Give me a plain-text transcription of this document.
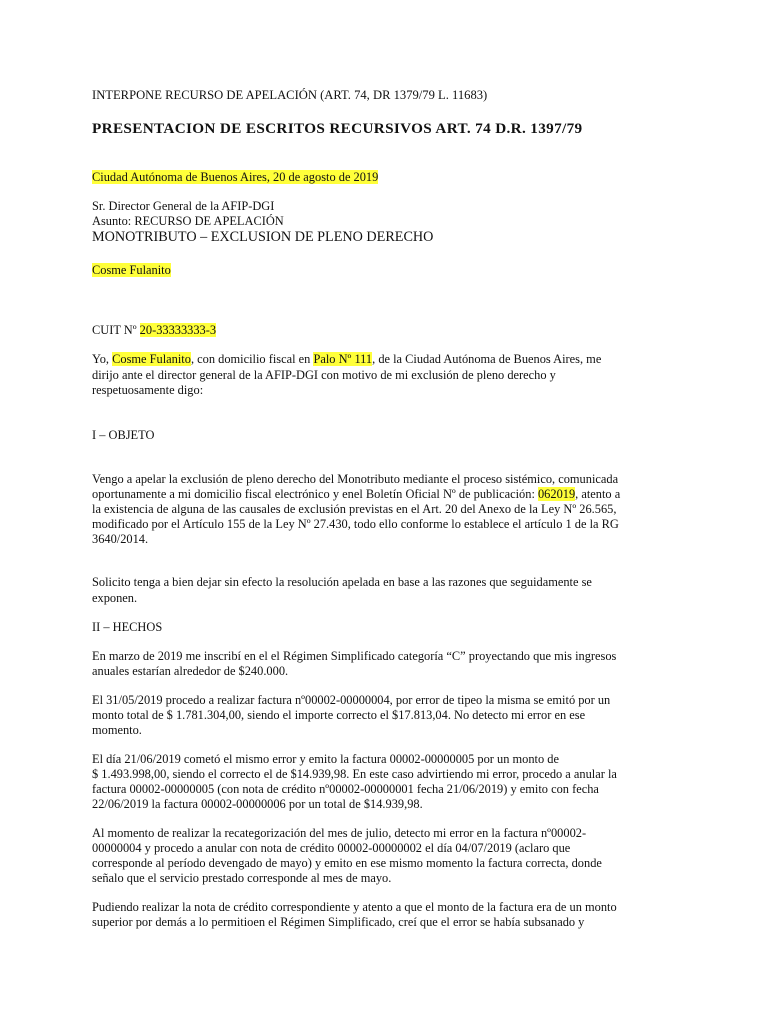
INTERPONE RECURSO DE APELACIÓN (ART. 74, DR 1379/79 L. 11683)

PRESENTACION DE ESCRITOS RECURSIVOS ART. 74 D.R. 1397/79

Ciudad Autónoma de Buenos Aires, 20 de agosto de 2019

Sr. Director General de la AFIP-DGI

Asunto: RECURSO DE APELACIÓN

MONOTRIBUTO – EXCLUSION DE PLENO DERECHO

Cosme Fulanito

CUIT Nº 20-33333333-3

Yo, Cosme Fulanito, con domicilio fiscal en Palo Nº 111, de la Ciudad Autónoma de Buenos Aires, me

dirijo ante el director general de la AFIP-DGI con motivo de mi exclusión de pleno derecho y

respetuosamente digo:

I – OBJETO

Vengo a apelar la exclusión de pleno derecho del Monotributo mediante el proceso sistémico, comunicada

oportunamente a mi domicilio fiscal electrónico y enel Boletín Oficial Nº de publicación: 062019, atento a

la existencia de alguna de las causales de exclusión previstas en el Art. 20 del Anexo de la Ley Nº 26.565,

modificado por el Artículo 155 de la Ley Nº 27.430, todo ello conforme lo establece el artículo 1 de la RG

3640/2014.

Solicito tenga a bien dejar sin efecto la resolución apelada en base a las razones que seguidamente se

exponen.

II – HECHOS

En marzo de 2019 me inscribí en el el Régimen Simplificado categoría “C” proyectando que mis ingresos

anuales estarían alrededor de $240.000.

El 31/05/2019 procedo a realizar factura nº00002-00000004, por error de tipeo la misma se emitó por un

monto total de $ 1.781.304,00, siendo el importe correcto el $17.813,04. No detecto mi error en ese

momento.

El día 21/06/2019 cometó el mismo error y emito la factura 00002-00000005 por un monto de

$ 1.493.998,00, siendo el correcto el de $14.939,98. En este caso advirtiendo mi error, procedo a anular la

factura 00002-00000005 (con nota de crédito nº00002-00000001 fecha 21/06/2019) y emito con fecha

22/06/2019 la factura 00002-00000006 por un total de $14.939,98.

Al momento de realizar la recategorización del mes de julio, detecto mi error en la factura nº00002-

00000004 y procedo a anular con nota de crédito 00002-00000002 el día 04/07/2019 (aclaro que

corresponde al período devengado de mayo) y emito en ese mismo momento la factura correcta, donde

señalo que el servicio prestado corresponde al mes de mayo.

Pudiendo realizar la nota de crédito correspondiente y atento a que el monto de la factura era de un monto

superior por demás a lo permitioen el Régimen Simplificado, creí que el error se había subsanado y
